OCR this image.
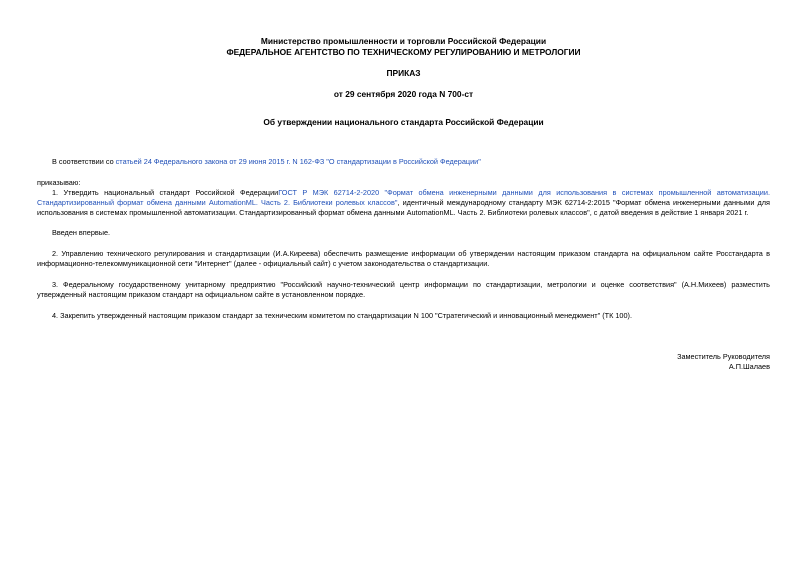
Министерство промышленности и торговли Российской Федерации
ФЕДЕРАЛЬНОЕ АГЕНТСТВО ПО ТЕХНИЧЕСКОМУ РЕГУЛИРОВАНИЮ И МЕТРОЛОГИИ
ПРИКАЗ
от 29 сентября 2020 года N 700-ст
Об утверждении национального стандарта Российской Федерации
В соответствии со статьей 24 Федерального закона от 29 июня 2015 г. N 162-ФЗ "О стандартизации в Российской Федерации"
приказываю:
1. Утвердить национальный стандарт Российской ФедерацииГОСТ Р МЭК 62714-2-2020 "Формат обмена инженерными данными для использования в системах промышленной автоматизации. Стандартизированный формат обмена данными AutomationML. Часть 2. Библиотеки ролевых классов", идентичный международному стандарту МЭК 62714-2:2015 "Формат обмена инженерными данными для использования в системах промышленной автоматизации. Стандартизированный формат обмена данными AutomationML. Часть 2. Библиотеки ролевых классов", с датой введения в действие 1 января 2021 г.
Введен впервые.
2. Управлению технического регулирования и стандартизации (И.А.Киреева) обеспечить размещение информации об утверждении настоящим приказом стандарта на официальном сайте Росстандарта в информационно-телекоммуникационной сети "Интернет" (далее - официальный сайт) с учетом законодательства о стандартизации.
3. Федеральному государственному унитарному предприятию "Российский научно-технический центр информации по стандартизации, метрологии и оценке соответствия" (А.Н.Михеев) разместить утвержденный настоящим приказом стандарт на официальном сайте в установленном порядке.
4. Закрепить утвержденный настоящим приказом стандарт за техническим комитетом по стандартизации N 100 "Стратегический и инновационный менеджмент" (ТК 100).
Заместитель Руководителя
А.П.Шалаев
